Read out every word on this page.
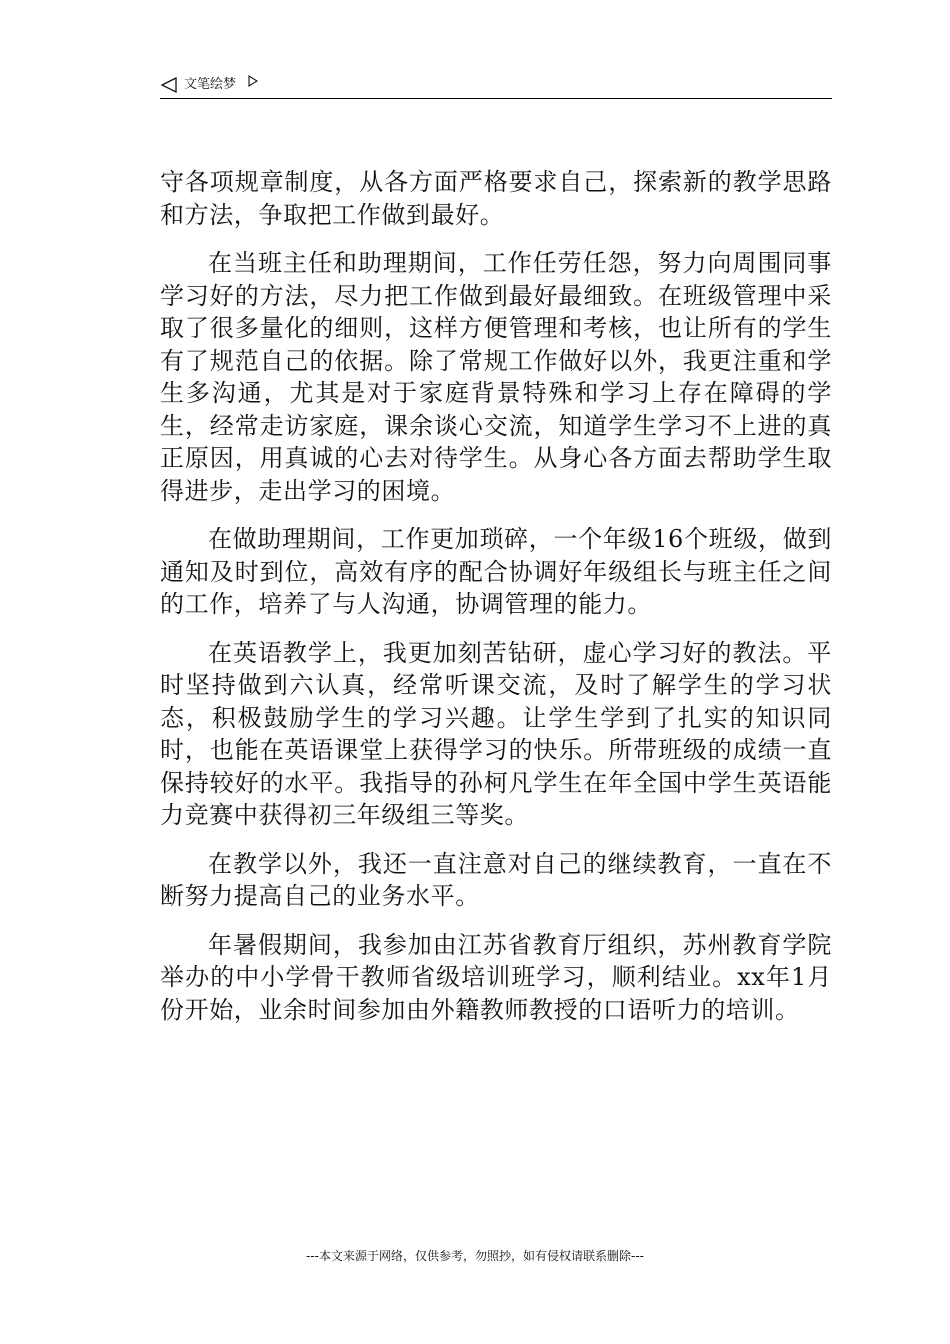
文笔绘梦

守各项规章制度，从各方面严格要求自己，探索新的教学思路和方法，争取把工作做到最好。

在当班主任和助理期间，工作任劳任怨，努力向周围同事学习好的方法，尽力把工作做到最好最细致。在班级管理中采取了很多量化的细则，这样方便管理和考核，也让所有的学生有了规范自己的依据。除了常规工作做好以外，我更注重和学生多沟通，尤其是对于家庭背景特殊和学习上存在障碍的学生，经常走访家庭，课余谈心交流，知道学生学习不上进的真正原因，用真诚的心去对待学生。从身心各方面去帮助学生取得进步，走出学习的困境。

在做助理期间，工作更加琐碎，一个年级16个班级，做到通知及时到位，高效有序的配合协调好年级组长与班主任之间的工作，培养了与人沟通，协调管理的能力。

在英语教学上，我更加刻苦钻研，虚心学习好的教法。平时坚持做到六认真，经常听课交流，及时了解学生的学习状态，积极鼓励学生的学习兴趣。让学生学到了扎实的知识同时，也能在英语课堂上获得学习的快乐。所带班级的成绩一直保持较好的水平。我指导的孙柯凡学生在年全国中学生英语能力竞赛中获得初三年级组三等奖。

在教学以外，我还一直注意对自己的继续教育，一直在不断努力提高自己的业务水平。

年暑假期间，我参加由江苏省教育厅组织，苏州教育学院举办的中小学骨干教师省级培训班学习，顺利结业。xx年1月份开始，业余时间参加由外籍教师教授的口语听力的培训。

---本文来源于网络，仅供参考，勿照抄，如有侵权请联系删除---
